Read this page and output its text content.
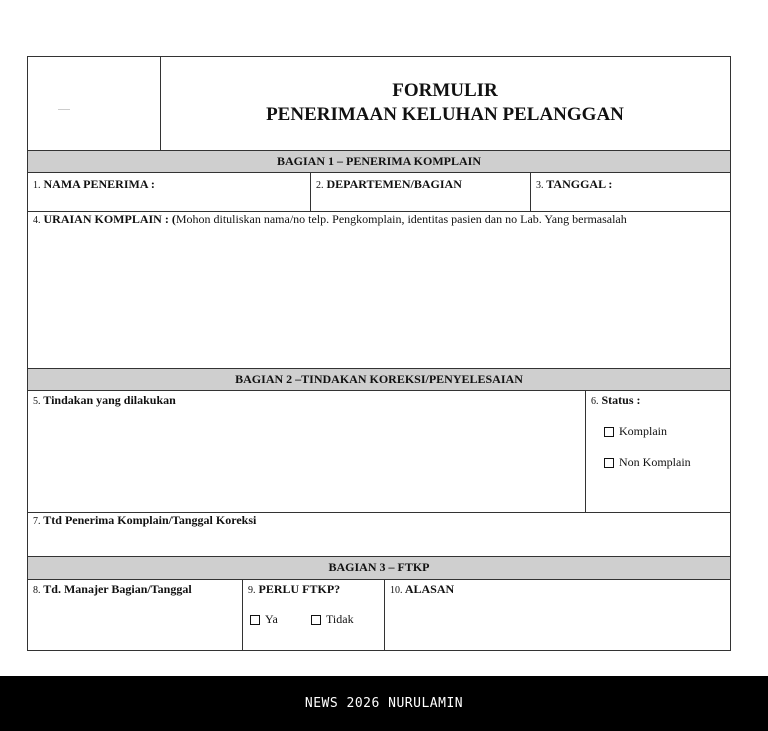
FORMULIR
PENERIMAAN KELUHAN PELANGGAN
BAGIAN 1 – PENERIMA KOMPLAIN
1. NAMA PENERIMA :	2. DEPARTEMEN/BAGIAN	3. TANGGAL :
4. URAIAN KOMPLAIN : (Mohon dituliskan nama/no telp. Pengkomplain, identitas pasien dan no Lab. Yang bermasalah
BAGIAN 2 –TINDAKAN KOREKSI/PENYELESAIAN
5. Tindakan yang dilakukan	6. Status :
Komplain
Non Komplain
7. Ttd Penerima Komplain/Tanggal Koreksi
BAGIAN 3 – FTKP
8. Td. Manajer Bagian/Tanggal	9. PERLU FTKP?	10. ALASAN
Ya	Tidak
NEWS 2026 NURULAMIN
